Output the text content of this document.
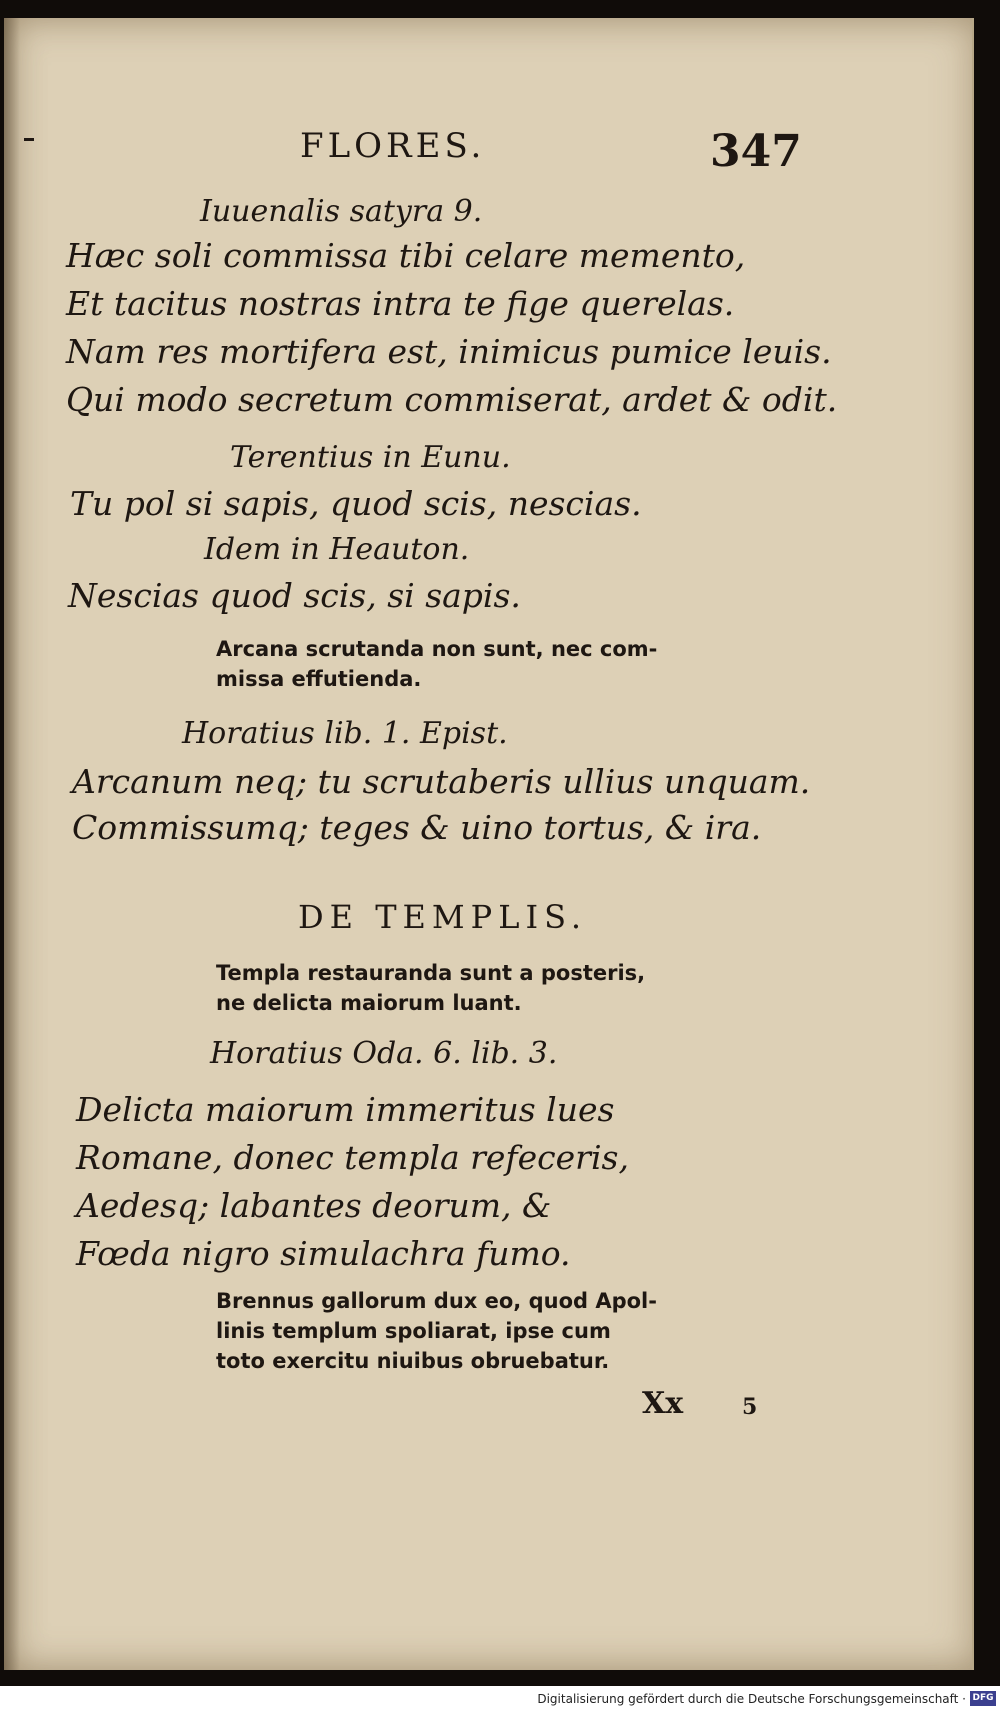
FLORES.	347
Iuuenalis satyra 9.
Hæc soli commissa tibi celare memento,
Et tacitus nostras intra te fige querelas.
Nam res mortifera est, inimicus pumice leuis.
Qui modo secretum commiserat, ardet & odit.
Terentius in Eunu.
Tu pol si sapis, quod scis, nescias.
Idem in Heauton.
Nescias quod scis, si sapis.
Arcana scrutanda non sunt, nec com-
missa effutienda.
Horatius lib. 1. Epist.
Arcanum neq; tu scrutaberis ullius unquam.
Commissumq; teges & uino tortus, & ira.
DE TEMPLIS.
Templa restauranda sunt a posteris,
ne delicta maiorum luant.
Horatius Oda. 6. lib. 3.
Delicta maiorum immeritus lues
Romane, donec templa refeceris,
Aedesq; labantes deorum, &
Fœda nigro simulachra fumo.
Brennus gallorum dux eo, quod Apol-
linis templum spoliarat, ipse cum
toto exercitu niuibus obruebatur.
Xx	5
Digitalisierung gefördert durch die Deutsche Forschungsgemeinschaft · DFG
